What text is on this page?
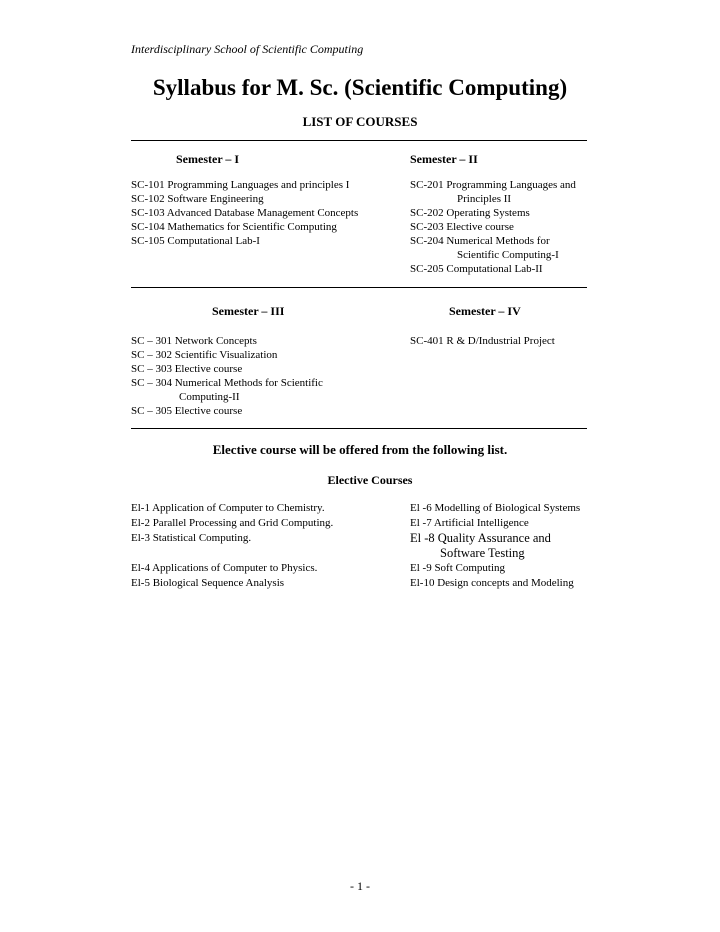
Interdisciplinary School of Scientific Computing
Syllabus for M. Sc. (Scientific Computing)
LIST OF COURSES
Semester – I
SC-101 Programming Languages and principles I
SC-102 Software Engineering
SC-103 Advanced Database Management Concepts
SC-104 Mathematics for Scientific Computing
SC-105 Computational Lab-I
Semester – II
SC-201 Programming Languages and
Principles II
SC-202 Operating Systems
SC-203 Elective course
SC-204 Numerical Methods for
Scientific Computing-I
SC-205 Computational Lab-II
Semester – III
SC – 301 Network Concepts
SC – 302 Scientific Visualization
SC – 303 Elective course
SC – 304 Numerical Methods for Scientific
Computing-II
SC – 305 Elective course
Semester – IV
SC-401 R & D/Industrial Project
Elective course will be offered from the following list.
Elective Courses
El-1 Application of Computer to Chemistry.
El-2 Parallel Processing and Grid Computing.
El-3 Statistical Computing.
El-4 Applications of Computer to Physics.
El-5 Biological Sequence Analysis
El -6 Modelling of Biological Systems
El -7 Artificial Intelligence
El -8 Quality Assurance and
Software Testing
El -9 Soft Computing
El-10 Design concepts and Modeling
- 1 -
